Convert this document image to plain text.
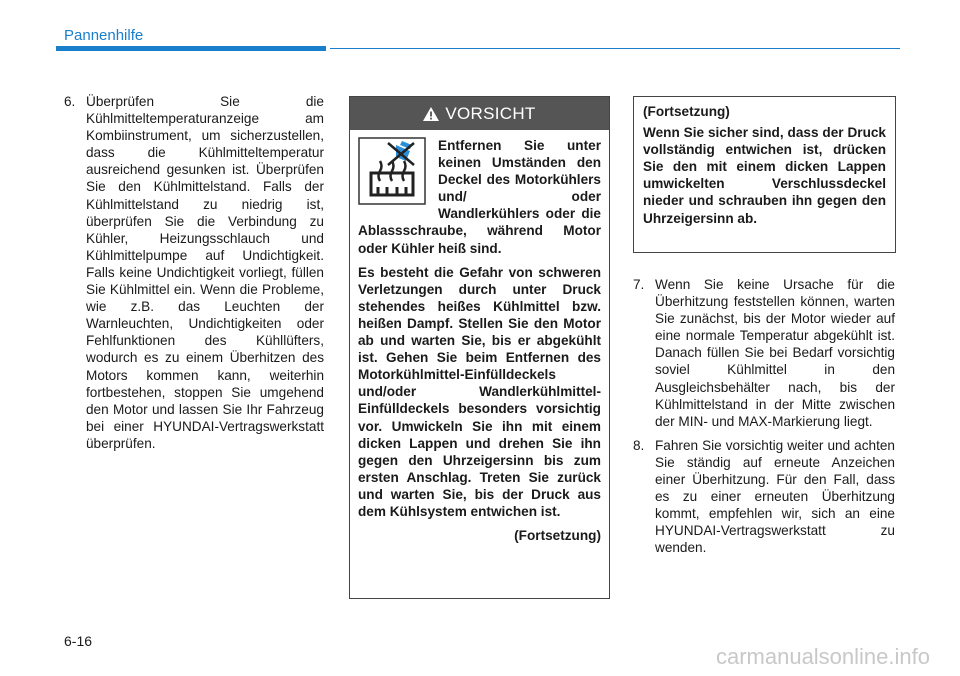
Pannenhilfe
6. Überprüfen Sie die Kühlmitteltemperaturanzeige am Kombiinstrument, um sicherzustellen, dass die Kühlmitteltemperatur ausreichend gesunken ist. Überprüfen Sie den Kühlmittelstand. Falls der Kühlmittelstand zu niedrig ist, überprüfen Sie die Verbindung zu Kühler, Heizungsschlauch und Kühlmittelpumpe auf Undichtigkeit. Falls keine Undichtigkeit vorliegt, füllen Sie Kühlmittel ein. Wenn die Probleme, wie z.B. das Leuchten der Warnleuchten, Undichtigkeiten oder Fehlfunktionen des Kühllüfters, wodurch es zu einem Überhitzen des Motors kommen kann, weiterhin fortbestehen, stoppen Sie umgehend den Motor und lassen Sie Ihr Fahrzeug bei einer HYUNDAI-Vertragswerkstatt überprüfen.
VORSICHT

Entfernen Sie unter keinen Umständen den Deckel des Motorkühlers und/ oder Wandlerkühlers oder die Ablassschraube, während Motor oder Kühler heiß sind.

Es besteht die Gefahr von schweren Verletzungen durch unter Druck stehendes heißes Kühlmittel bzw. heißen Dampf. Stellen Sie den Motor ab und warten Sie, bis er abgekühlt ist. Gehen Sie beim Entfernen des Motorkühlmittel-Einfülldeckels und/oder Wandlerkühlmittel-Einfülldeckels besonders vorsichtig vor. Umwickeln Sie ihn mit einem dicken Lappen und drehen Sie ihn gegen den Uhrzeigersinn bis zum ersten Anschlag. Treten Sie zurück und warten Sie, bis der Druck aus dem Kühlsystem entwichen ist.

(Fortsetzung)
(Fortsetzung)
Wenn Sie sicher sind, dass der Druck vollständig entwichen ist, drücken Sie den mit einem dicken Lappen umwickelten Verschlussdeckel nieder und schrauben ihn gegen den Uhrzeigersinn ab.
7. Wenn Sie keine Ursache für die Überhitzung feststellen können, warten Sie zunächst, bis der Motor wieder auf eine normale Temperatur abgekühlt ist. Danach füllen Sie bei Bedarf vorsichtig soviel Kühlmittel in den Ausgleichsbehälter nach, bis der Kühlmittelstand in der Mitte zwischen der MIN- und MAX-Markierung liegt.
8. Fahren Sie vorsichtig weiter und achten Sie ständig auf erneute Anzeichen einer Überhitzung. Für den Fall, dass es zu einer erneuten Überhitzung kommt, empfehlen wir, sich an eine HYUNDAI-Vertragswerkstatt zu wenden.
6-16
carmanualsonline.info
